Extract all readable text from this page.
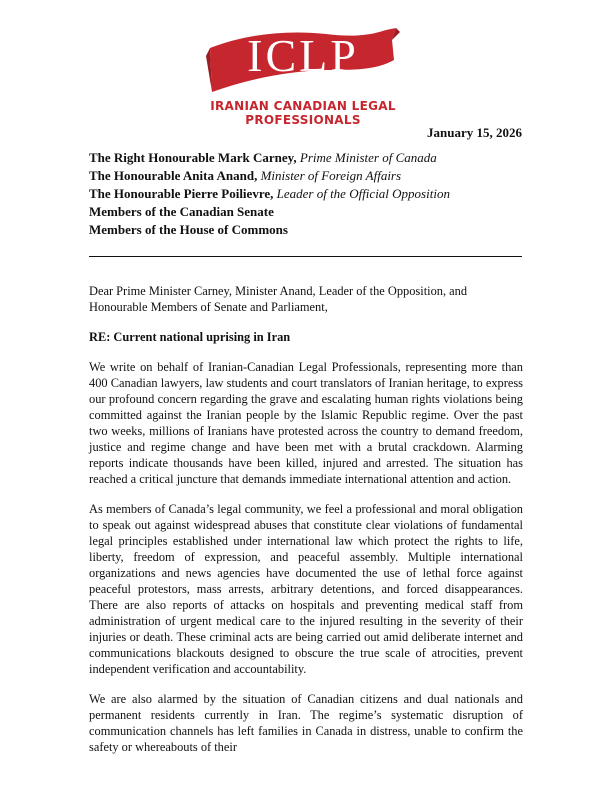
ICLP
IRANIAN CANADIAN LEGAL
PROFESSIONALS
January 15, 2026
The Right Honourable Mark Carney, Prime Minister of Canada
The Honourable Anita Anand, Minister of Foreign Affairs
The Honourable Pierre Poilievre, Leader of the Official Opposition
Members of the Canadian Senate
Members of the House of Commons

Dear Prime Minister Carney, Minister Anand, Leader of the Opposition, and Honourable Members of Senate and Parliament,

RE: Current national uprising in Iran

We write on behalf of Iranian-Canadian Legal Professionals, representing more than 400 Canadian lawyers, law students and court translators of Iranian heritage, to express our profound concern regarding the grave and escalating human rights violations being committed against the Iranian people by the Islamic Republic regime. Over the past two weeks, millions of Iranians have protested across the country to demand freedom, justice and regime change and have been met with a brutal crackdown. Alarming reports indicate thousands have been killed, injured and arrested. The situation has reached a critical juncture that demands immediate international attention and action.

As members of Canada’s legal community, we feel a professional and moral obligation to speak out against widespread abuses that constitute clear violations of fundamental legal principles established under international law which protect the rights to life, liberty, freedom of expression, and peaceful assembly. Multiple international organizations and news agencies have documented the use of lethal force against peaceful protestors, mass arrests, arbitrary detentions, and forced disappearances. There are also reports of attacks on hospitals and preventing medical staff from administration of urgent medical care to the injured resulting in the severity of their injuries or death. These criminal acts are being carried out amid deliberate internet and communications blackouts designed to obscure the true scale of atrocities, prevent independent verification and accountability.

We are also alarmed by the situation of Canadian citizens and dual nationals and permanent residents currently in Iran. The regime’s systematic disruption of communication channels has left families in Canada in distress, unable to confirm the safety or whereabouts of their
